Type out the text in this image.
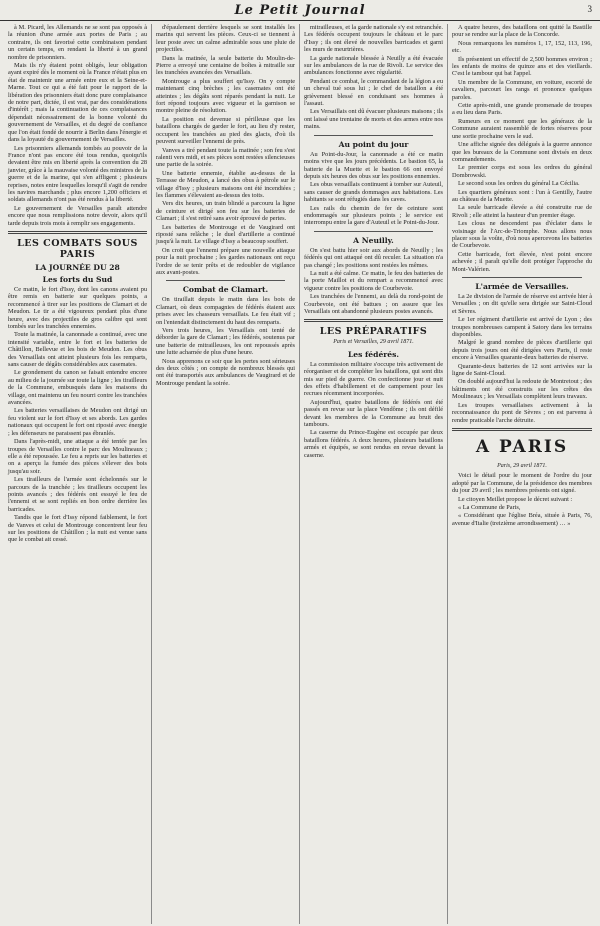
Le Petit Journal	3

à M. Picard, les Allemands ne se sont pas opposés à la réunion d'une armée aux portes de Paris ; au contraire, ils ont favorisé cette combinaison pendant un certain temps, en rendant la liberté à un grand nombre de prisonniers.

Mais ils n'y étaient point obligés, leur obligation ayant expiré dès le moment où la France n'était plus en état de maintenir une armée entre eux et la Seine-et-Marne. Tout ce qui a été fait pour le rapport de la libération des prisonniers était donc pure complaisance de notre part, dictée, il est vrai, par des considérations d'intérêt ; mais la continuation de ces complaisances dépendait nécessairement de la bonne volonté du gouvernement de Versailles, et du degré de confiance que l'on était fondé de nourrir à Berlin dans l'énergie et dans la loyauté du gouvernement de Versailles.

Les prisonniers allemands tombés au pouvoir de la France n'ont pas encore été tous rendus, quoiqu'ils devaient être mis en liberté après la convention du 28 janvier, grâce à la mauvaise volonté des ministres de la guerre et de la marine, qui s'en affligent ; plusieurs reprises, notes entre lesquelles lorsqu'il s'agit de rendre les navires marchands ; plus encore 1,200 officiers et soldats allemands n'ont pas été rendus à la liberté.

Le gouvernement de Versailles paraît attendre encore que nous remplissions notre devoir, alors qu'il tarde depuis trois mois à remplir ses engagements.

LES COMBATS SOUS PARIS
LA JOURNÉE DU 28
Les forts du Sud

Ce matin, le fort d'Issy, dont les canons avaient pu être remis en batterie sur quelques points, a recommencé à tirer sur les positions de Clamart et de Meudon. Le tir a été vigoureux pendant plus d'une heure, avec des projectiles de gros calibre qui sont tombés sur les tranchées ennemies.

Toute la matinée, la canonnade a continué, avec une intensité variable, entre le fort et les batteries de Châtillon, Bellevue et les bois de Meudon. Les obus des Versaillais ont atteint plusieurs fois les remparts, sans causer de dégâts considérables aux casemates.

Le grondement du canon se faisait entendre encore au milieu de la journée sur toute la ligne ; les tirailleurs de la Commune, embusqués dans les maisons du village, ont maintenu un feu nourri contre les tranchées avancées.

Les batteries versaillaises de Meudon ont dirigé un feu violent sur le fort d'Issy et ses abords. Les gardes nationaux qui occupent le fort ont riposté avec énergie ; les défenseurs ne paraissent pas ébranlés.

Dans l'après-midi, une attaque a été tentée par les troupes de Versailles contre le parc des Moulineaux ; elle a été repoussée. Le feu a repris sur les batteries et on a aperçu la fumée des pièces s'élever des bois jusqu'au soir.

Les tirailleurs de l'armée sont échelonnés sur le parcours de la tranchée ; les tirailleurs occupent les points avancés ; des fédérés ont essuyé le feu de l'ennemi et se sont repliés en bon ordre derrière les barricades.

Tandis que le fort d'Issy répond faiblement, le fort de Vanves et celui de Montrouge concentrent leur feu sur les positions de Châtillon ; la nuit est venue sans que le combat ait cessé.

d'épaulement derrière lesquels se sont installés les marins qui servent les pièces. Ceux-ci se tiennent à leur poste avec un calme admirable sous une pluie de projectiles.

Dans la matinée, la seule batterie du Moulin-de-Pierre a envoyé une centaine de boîtes à mitraille sur les tranchées avancées des Versaillais.

Montrouge a plus souffert qu'Issy. On y compte maintenant cinq brèches ; les casemates ont été atteintes ; les dégâts sont réparés pendant la nuit. Le fort répond toujours avec vigueur et la garnison se montre pleine de résolution.

La position est devenue si périlleuse que les bataillons chargés de garder le fort, au lieu d'y rester, occupent les tranchées au pied des glacis, d'où ils peuvent surveiller l'ennemi de près.

Vanves a tiré pendant toute la matinée ; son feu s'est ralenti vers midi, et ses pièces sont restées silencieuses une partie de la soirée.

Une batterie ennemie, établie au-dessus de la Terrasse de Meudon, a lancé des obus à pétrole sur le village d'Issy ; plusieurs maisons ont été incendiées ; les flammes s'élevaient au-dessus des toits.

Vers dix heures, un train blindé a parcouru la ligne de ceinture et dirigé son feu sur les batteries de Clamart ; il s'est retiré sans avoir éprouvé de pertes.

Les batteries de Montrouge et de Vaugirard ont riposté sans relâche ; le duel d'artillerie a continué jusqu'à la nuit. Le village d'Issy a beaucoup souffert.

On croit que l'ennemi prépare une nouvelle attaque pour la nuit prochaine ; les gardes nationaux ont reçu l'ordre de se tenir prêts et de redoubler de vigilance aux avant-postes.

Combat de Clamart.

On tiraillait depuis le matin dans les bois de Clamart, où deux compagnies de fédérés étaient aux prises avec les chasseurs versaillais. Le feu était vif ; on l'entendait distinctement du haut des remparts.

Vers trois heures, les Versaillais ont tenté de déborder la gare de Clamart ; les fédérés, soutenus par une batterie de mitrailleuses, les ont repoussés après une lutte acharnée de plus d'une heure.

Nous apprenons ce soir que les pertes sont sérieuses des deux côtés ; on compte de nombreux blessés qui ont été transportés aux ambulances de Vaugirard et de Montrouge pendant la soirée.

mitrailleuses, et la garde nationale s'y est retranchée. Les fédérés occupent toujours le château et le parc d'Issy ; ils ont élevé de nouvelles barricades et garni les murs de meurtrières.

La garde nationale blessée à Neuilly a été évacuée sur les ambulances de la rue de Rivoli. Le service des ambulances fonctionne avec régularité.

Pendant ce combat, le commandant de la légion a eu un cheval tué sous lui ; le chef de bataillon a été grièvement blessé en conduisant ses hommes à l'assaut.

Les Versaillais ont dû évacuer plusieurs maisons ; ils ont laissé une trentaine de morts et des armes entre nos mains.

Au point du jour

Au Point-du-Jour, la canonnade a été ce matin moins vive que les jours précédents. Le bastion 65, la batterie de la Muette et le bastion 66 ont envoyé depuis six heures des obus sur les positions ennemies.

Les obus versaillais continuent à tomber sur Auteuil, sans causer de grands dommages aux habitations. Les habitants se sont réfugiés dans les caves.

Les rails du chemin de fer de ceinture sont endommagés sur plusieurs points ; le service est interrompu entre la gare d'Auteuil et le Point-du-Jour.

A Neuilly.

On s'est battu hier soir aux abords de Neuilly ; les fédérés qui ont attaqué ont dû reculer. La situation n'a pas changé ; les positions sont restées les mêmes.

La nuit a été calme. Ce matin, le feu des batteries de la porte Maillot et du rempart a recommencé avec vigueur contre les positions de Courbevoie.

Les tranchées de l'ennemi, au delà du rond-point de Courbevoie, ont été battues ; on assure que les Versaillais ont abandonné plusieurs postes avancés.

LES PRÉPARATIFS
Paris et Versailles, 29 avril 1871.
Les fédérés.

La commission militaire s'occupe très activement de réorganiser et de compléter les bataillons, qui sont dits mis sur pied de guerre. On confectionne jour et nuit des effets d'habillement et de campement pour les recrues récemment incorporées.

Aujourd'hui, quatre bataillons de fédérés ont été passés en revue sur la place Vendôme ; ils ont défilé devant les membres de la Commune au bruit des tambours.

La caserne du Prince-Eugène est occupée par deux bataillons fédérés. A deux heures, plusieurs bataillons armés et équipés, se sont rendus en revue devant la caserne.

A quatre heures, des bataillons ont quitté la Bastille pour se rendre sur la place de la Concorde.

Nous remarquons les numéros 1, 17, 152, 113, 196, etc.

Ils présentent un effectif de 2,500 hommes environ ; les enfants de moins de quinze ans et des vieillards. C'est le tambour qui bat l'appel.

Un membre de la Commune, en voiture, escorté de cavaliers, parcourt les rangs et prononce quelques paroles.

Cette après-midi, une grande promenade de troupes a eu lieu dans Paris.

Rumeurs en ce moment que les généraux de la Commune auraient rassemblé de fortes réserves pour une sortie prochaine vers le sud.

Une affiche signée des délégués à la guerre annonce que les bureaux de la Commune sont divisés en deux commandements.

Le premier corps est sous les ordres du général Dombrowski.

Le second sous les ordres du général La Cécilia.

Les quartiers généraux sont : l'un à Gentilly, l'autre au château de la Muette.

La seule barricade élevée a été construite rue de Rivoli ; elle atteint la hauteur d'un premier étage.

Les clous ne descendent pas d'éclater dans le voisinage de l'Arc-de-Triomphe. Nous allons nous placer sous la voûte, d'où nous apercevons les batteries de Courbevoie.

Cette barricade, fort élevée, n'est point encore achevée ; il paraît qu'elle doit protéger l'approche du Mont-Valérien.

L'armée de Versailles.

La 2e division de l'armée de réserve est arrivée hier à Versailles ; on dit qu'elle sera dirigée sur Saint-Cloud et Sèvres.

Le 1er régiment d'artillerie est arrivé de Lyon ; des troupes nombreuses campent à Satory dans les terrains disponibles.

Malgré le grand nombre de pièces d'artillerie qui depuis trois jours ont été dirigées vers Paris, il reste encore à Versailles quarante-deux batteries de réserve.

Quarante-deux batteries de 12 sont arrivées sur la ligne de Saint-Cloud.

On doublé aujourd'hui la redoute de Montretout ; des bâtiments ont été construits sur les crêtes des Moulineaux ; les Versaillais complètent leurs travaux.

Les troupes versaillaises activement à la reconnaissance du pont de Sèvres ; on est parvenu à rendre praticable l'arche détruite.

A PARIS
Paris, 29 avril 1871.

Voici le détail pour le moment de l'ordre du jour adopté par la Commune, de la présidence des membres du jour 29 avril ; les membres présents ont signé.

Le citoyen Meillet propose le décret suivant :

« La Commune de Paris,

« Considérant que l'église Bréa, située à Paris, 76, avenue d'Italie (treizième arrondissement) … »
